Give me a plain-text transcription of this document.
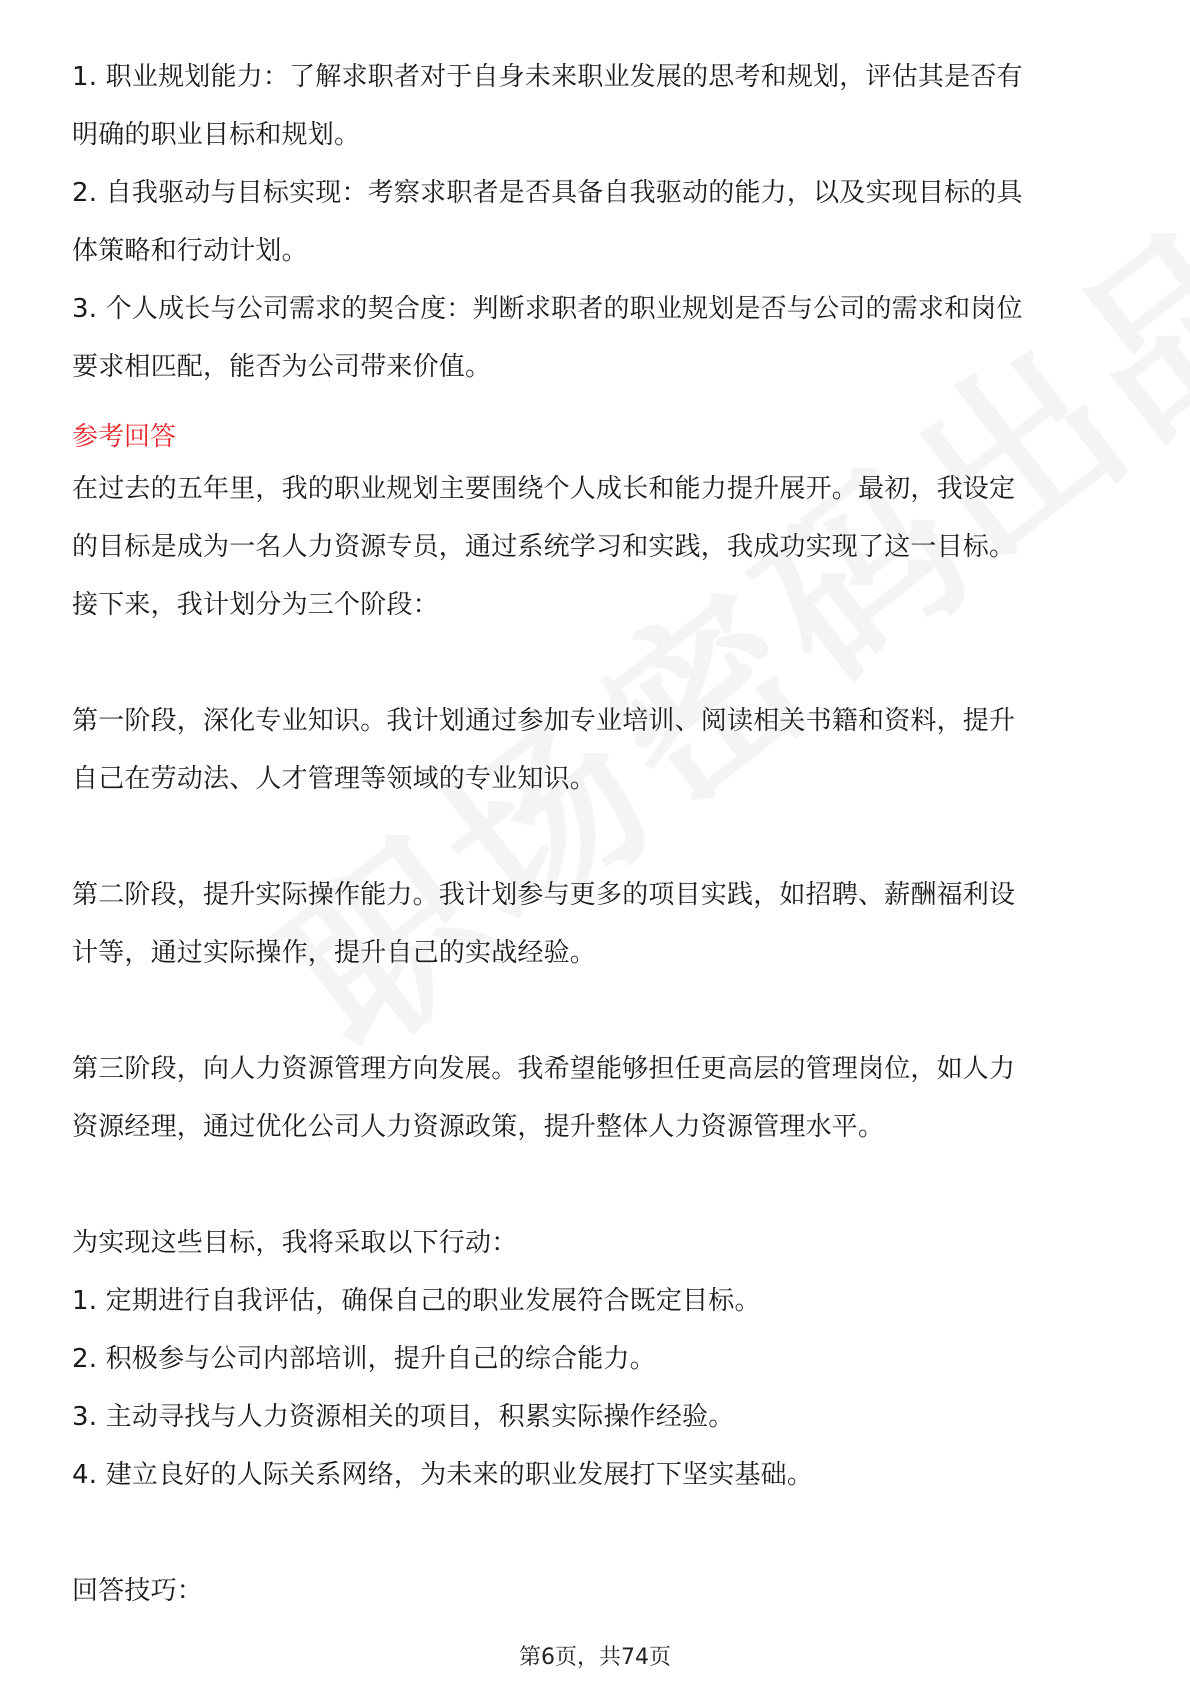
1. 职业规划能力：了解求职者对于自身未来职业发展的思考和规划，评估其是否有
明确的职业目标和规划。
2. 自我驱动与目标实现：考察求职者是否具备自我驱动的能力，以及实现目标的具
体策略和行动计划。
3. 个人成长与公司需求的契合度：判断求职者的职业规划是否与公司的需求和岗位
要求相匹配，能否为公司带来价值。
参考回答
在过去的五年里，我的职业规划主要围绕个人成长和能力提升展开。最初，我设定
的目标是成为一名人力资源专员，通过系统学习和实践，我成功实现了这一目标。
接下来，我计划分为三个阶段：
第一阶段，深化专业知识。我计划通过参加专业培训、阅读相关书籍和资料，提升
自己在劳动法、人才管理等领域的专业知识。
第二阶段，提升实际操作能力。我计划参与更多的项目实践，如招聘、薪酬福利设
计等，通过实际操作，提升自己的实战经验。
第三阶段，向人力资源管理方向发展。我希望能够担任更高层的管理岗位，如人力
资源经理，通过优化公司人力资源政策，提升整体人力资源管理水平。
为实现这些目标，我将采取以下行动：
1. 定期进行自我评估，确保自己的职业发展符合既定目标。
2. 积极参与公司内部培训，提升自己的综合能力。
3. 主动寻找与人力资源相关的项目，积累实际操作经验。
4. 建立良好的人际关系网络，为未来的职业发展打下坚实基础。
回答技巧：
第6页，共74页
